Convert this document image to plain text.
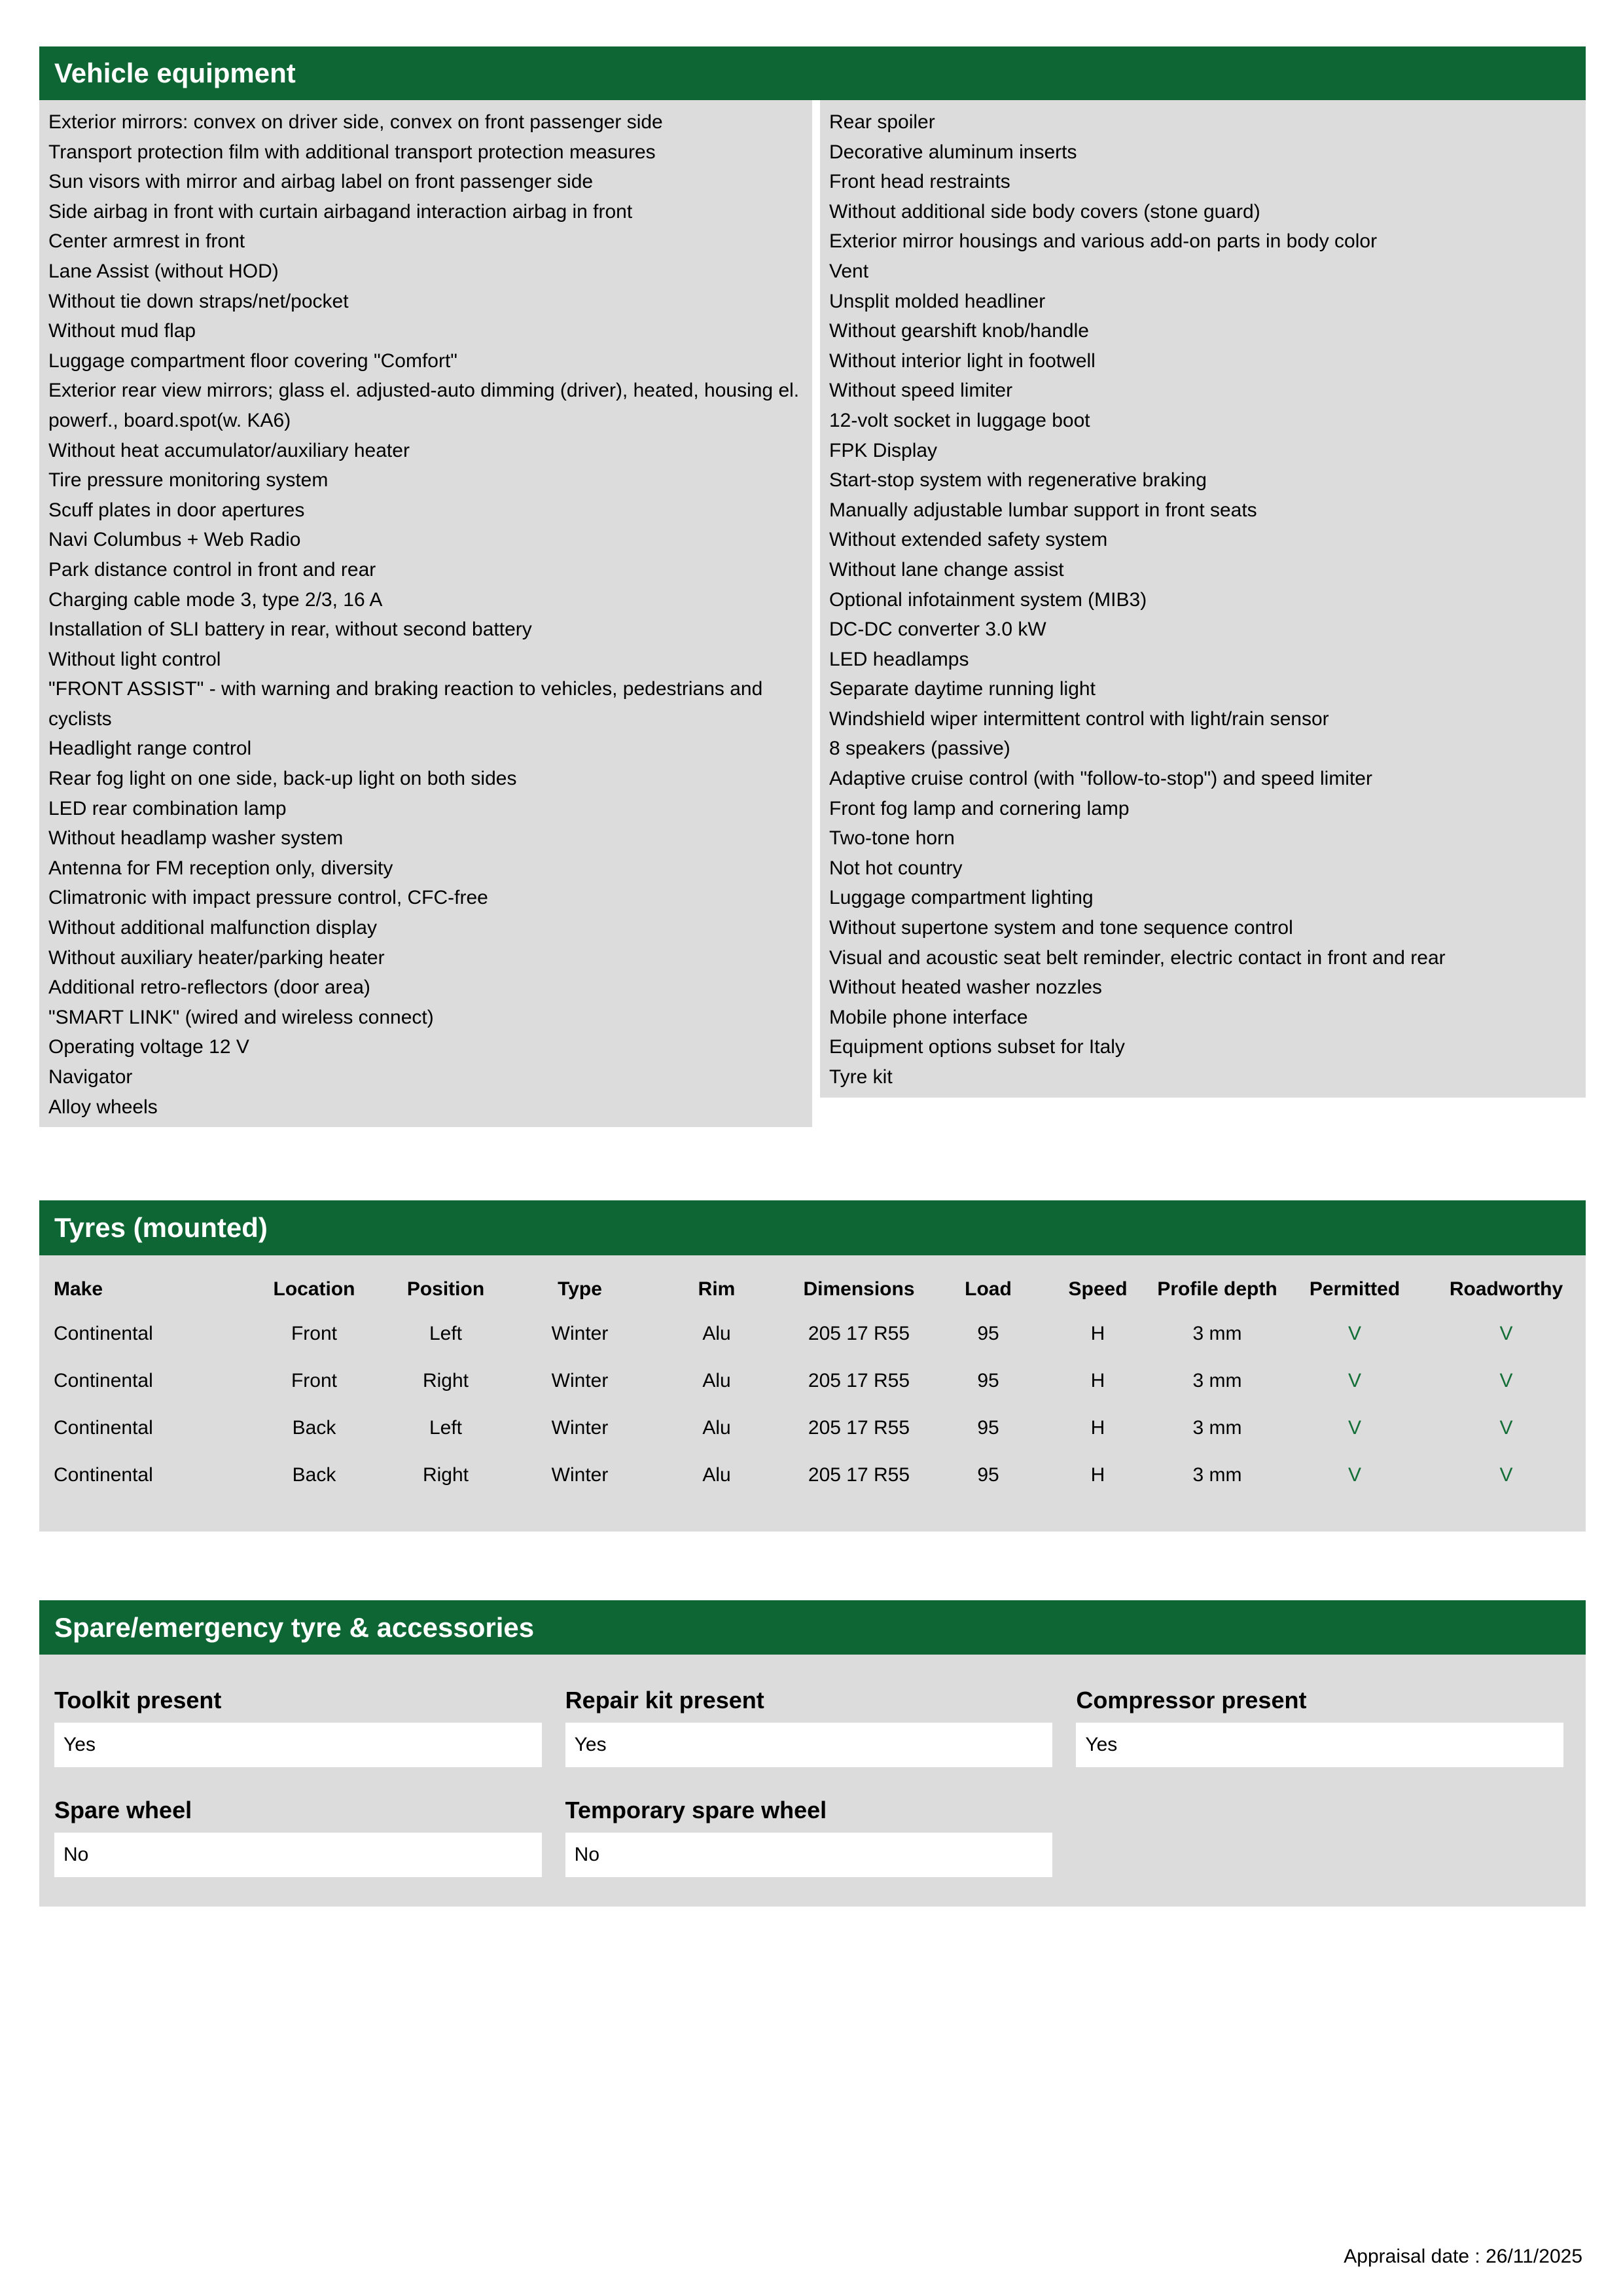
Vehicle equipment
Exterior mirrors: convex on driver side, convex on front passenger side
Transport protection film with additional transport protection measures
Sun visors with mirror and airbag label on front passenger side
Side airbag in front with curtain airbagand interaction airbag in front
Center armrest in front
Lane Assist (without HOD)
Without tie down straps/net/pocket
Without mud flap
Luggage compartment floor covering "Comfort"
Exterior rear view mirrors; glass el. adjusted-auto dimming (driver), heated, housing el. powerf., board.spot(w. KA6)
Without heat accumulator/auxiliary heater
Tire pressure monitoring system
Scuff plates in door apertures
Navi Columbus + Web Radio
Park distance control in front and rear
Charging cable mode 3, type 2/3, 16 A
Installation of SLI battery in rear, without second battery
Without light control
"FRONT ASSIST" - with warning and braking reaction to vehicles, pedestrians and cyclists
Headlight range control
Rear fog light on one side, back-up light on both sides
LED rear combination lamp
Without headlamp washer system
Antenna for FM reception only, diversity
Climatronic with impact pressure control, CFC-free
Without additional malfunction display
Without auxiliary heater/parking heater
Additional retro-reflectors (door area)
"SMART LINK" (wired and wireless connect)
Operating voltage 12 V
Navigator
Alloy wheels
Rear spoiler
Decorative aluminum inserts
Front head restraints
Without additional side body covers (stone guard)
Exterior mirror housings and various add-on parts in body color
Vent
Unsplit molded headliner
Without gearshift knob/handle
Without interior light in footwell
Without speed limiter
12-volt socket in luggage boot
FPK Display
Start-stop system with regenerative braking
Manually adjustable lumbar support in front seats
Without extended safety system
Without lane change assist
Optional infotainment system (MIB3)
DC-DC converter 3.0 kW
LED headlamps
Separate daytime running light
Windshield wiper intermittent control with light/rain sensor
8 speakers (passive)
Adaptive cruise control (with "follow-to-stop") and speed limiter
Front fog lamp and cornering lamp
Two-tone horn
Not hot country
Luggage compartment lighting
Without supertone system and tone sequence control
Visual and acoustic seat belt reminder, electric contact in front and rear
Without heated washer nozzles
Mobile phone interface
Equipment options subset for Italy
Tyre kit
Tyres (mounted)
Make	Location	Position	Type	Rim	Dimensions	Load	Speed	Profile depth	Permitted	Roadworthy
Continental	Front	Left	Winter	Alu	205 17 R55	95	H	3 mm	V	V
Continental	Front	Right	Winter	Alu	205 17 R55	95	H	3 mm	V	V
Continental	Back	Left	Winter	Alu	205 17 R55	95	H	3 mm	V	V
Continental	Back	Right	Winter	Alu	205 17 R55	95	H	3 mm	V	V
Spare/emergency tyre & accessories
Toolkit present
Yes
Repair kit present
Yes
Compressor present
Yes
Spare wheel
No
Temporary spare wheel
No
Appraisal date : 26/11/2025
